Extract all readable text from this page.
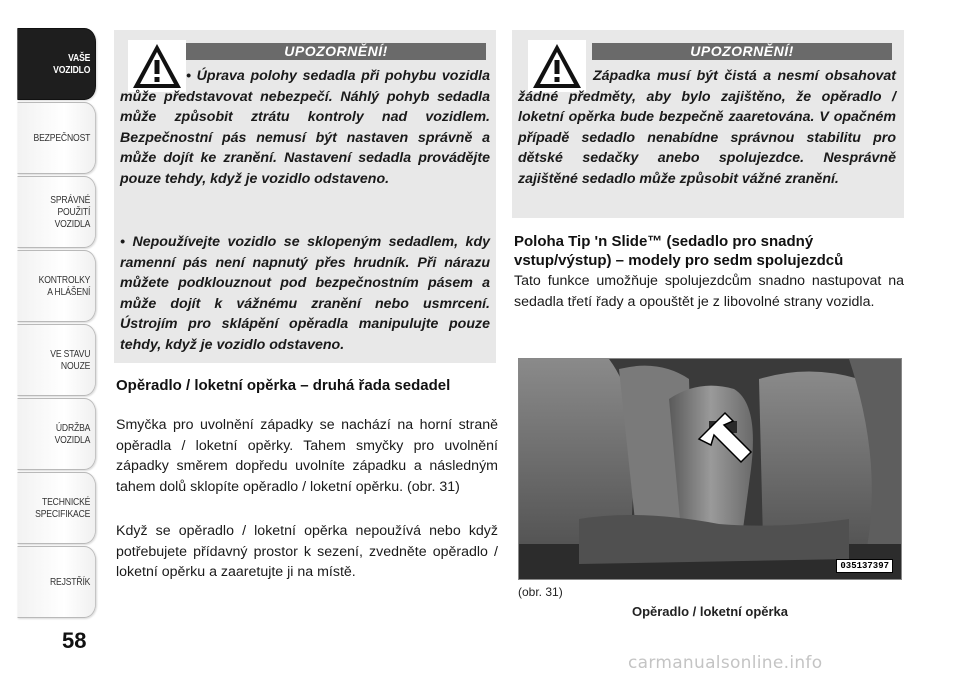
VAŠE
VOZIDLO
BEZPEČNOST
SPRÁVNÉ
POUŽITÍ
VOZIDLA
KONTROLKY
A HLÁŠENÍ
VE STAVU
NOUZE
ÚDRŽBA
VOZIDLA
TECHNICKÉ
SPECIFIKACE
REJSTŘÍK
58
UPOZORNĚNÍ!

• Úprava polohy sedadla při pohybu vozidla může představovat nebezpečí. Náhlý pohyb sedadla může způsobit ztrátu kontroly nad vozidlem. Bezpečnostní pás nemusí být nastaven správně a může dojít ke zranění. Nastavení sedadla provádějte pouze tehdy, když je vozidlo odstaveno.

• Nepoužívejte vozidlo se sklopeným sedadlem, kdy ramenní pás není napnutý přes hrudník. Při nárazu můžete podklouznout pod bezpečnostním pásem a může dojít k vážnému zranění nebo usmrcení. Ústrojím pro sklápění opěradla manipulujte pouze tehdy, když je vozidlo odstaveno.
Opěradlo / loketní opěrka – druhá řada sedadel

Smyčka pro uvolnění západky se nachází na horní straně opěradla / loketní opěrky. Tahem smyčky pro uvolnění západky směrem dopředu uvolníte západku a následným tahem dolů sklopíte opěradlo / loketní opěrku. (obr. 31)

Když se opěradlo / loketní opěrka nepoužívá nebo když potřebujete přídavný prostor k sezení, zvedněte opěradlo / loketní opěrku a zaaretujte ji na místě.

UPOZORNĚNÍ!

Západka musí být čistá a nesmí obsahovat žádné předměty, aby bylo zajištěno, že opěradlo / loketní opěrka bude bezpečně zaaretována. V opačném případě sedadlo nenabídne správnou stabilitu pro dětské sedačky anebo spolujezdce. Nesprávně zajištěné sedadlo může způsobit vážné zranění.

Poloha Tip 'n Slide™ (sedadlo pro snadný vstup/výstup) – modely pro sedm spolujezdců

Tato funkce umožňuje spolujezdcům snadno nastupovat na sedadla třetí řady a opouštět je z libovolné strany vozidla.

035137397
(obr. 31)
Opěradlo / loketní opěrka
carmanualsonline.info
